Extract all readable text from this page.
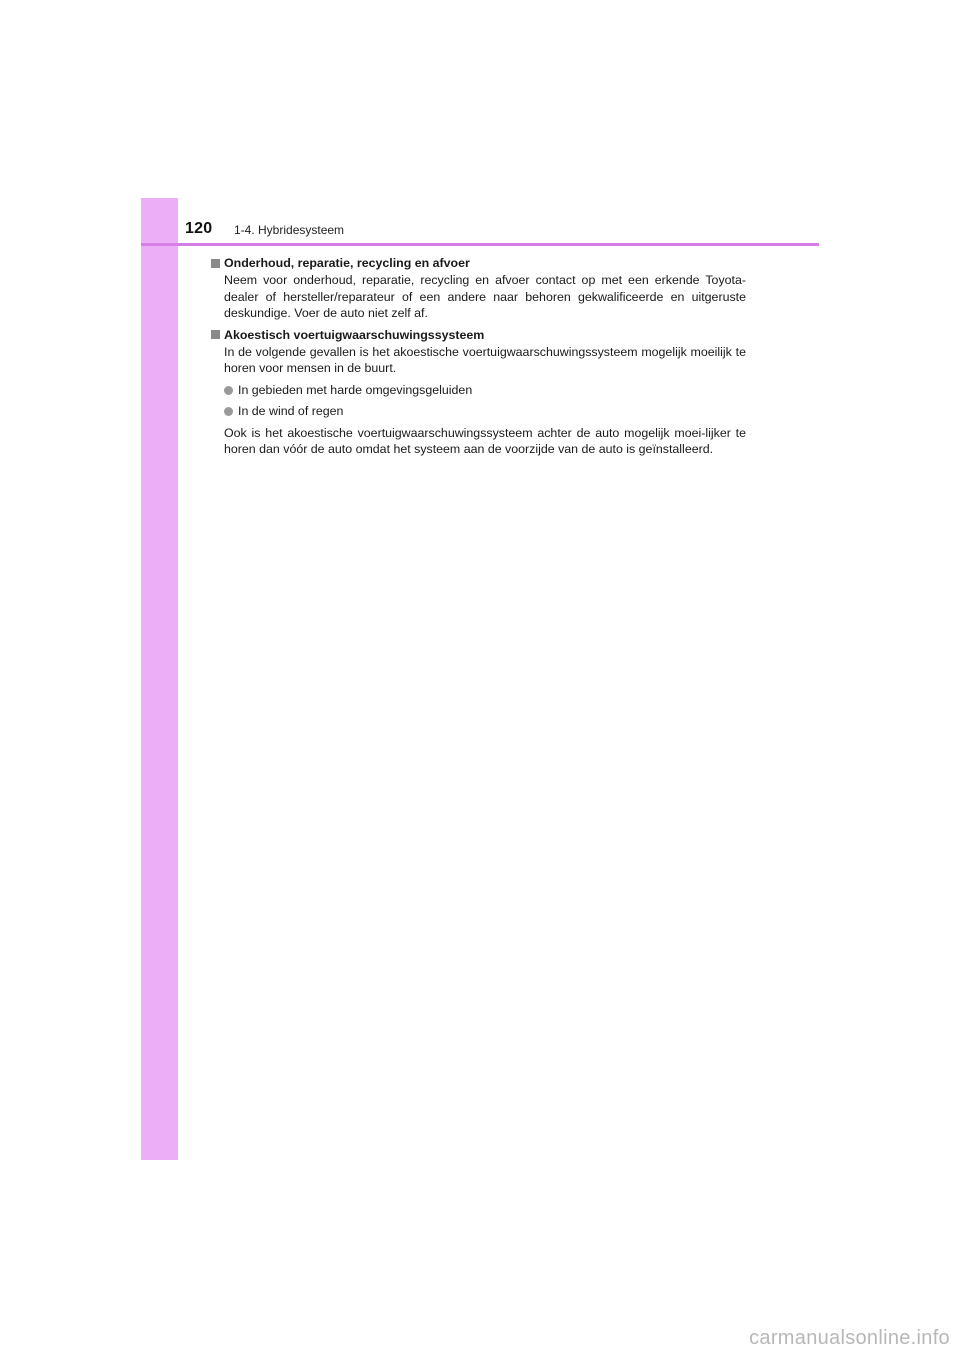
120 1-4. Hybridesysteem
Onderhoud, reparatie, recycling en afvoer

Neem voor onderhoud, reparatie, recycling en afvoer contact op met een erkende Toyota-dealer of hersteller/reparateur of een andere naar behoren gekwalificeerde en uitgeruste deskundige. Voer de auto niet zelf af.

Akoestisch voertuigwaarschuwingssysteem

In de volgende gevallen is het akoestische voertuigwaarschuwingssysteem mogelijk moeilijk te horen voor mensen in de buurt.

In gebieden met harde omgevingsgeluiden
In de wind of regen

Ook is het akoestische voertuigwaarschuwingssysteem achter de auto mogelijk moei-lijker te horen dan vóór de auto omdat het systeem aan de voorzijde van de auto is geïnstalleerd.

carmanualsonline.info
